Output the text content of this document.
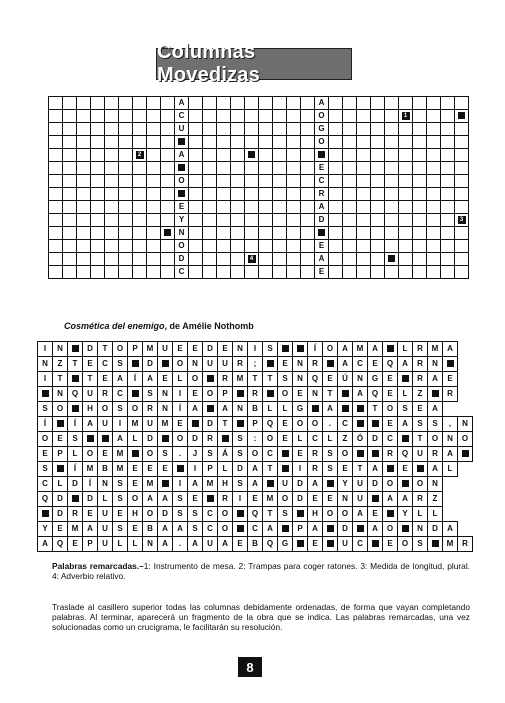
Columnas Movedizas
									A										A										
									C										O						1				
									U										G										
																			O										
						2			A																				
																			E										
									O										C										
																			R										
									E										A										
									Y										D										3
									N																				
									O										E										
									D					4					A										
									C										E										
Cosmética del enemigo, de Amélie Nothomb
I	N		D	T	O	P	M	U	E	E	D	E	N	I	S			Í	O	A	M	A		L	R	M	A	
N	Z	T	E	C	S		D		O	N	U	U	R	;		E	N	R		A	C	E	Q	A	R	N		
I	T		T	E	A	Í	A	E	L	O		R	M	T	T	S	N	Q	E	Ú	N	G	E		R	A	E	
	N	Q	U	R	C		S	N	I	E	O	P		R		O	E	N	T		A	Q	E	L	Z		R	
S	O		H	O	S	O	R	N	Í	A		A	N	B	L	L	G		A			T	O	S	E	A		
Í		Í	A	U	I	M	U	M	E		D	T		P	Q	E	O	O	.	C			E	A	S	S	,	N
O	E	S			A	L	D		O	D	R		S	:	O	E	L	C	L	Z	Ó	D	C		T	O	N	O
E	P	L	O	E	M		O	S	.	J	S	Á	S	O	C		E	R	S	O			R	Q	U	R	A	
S		Í	M	B	M	E	E	E		I	P	L	D	A	T		I	R	S	E	T	A		E		A	L	
C	L	D	Í	N	S	E	M		I	A	M	H	S	A		U	D	A		Y	U	D	O		O	N		
Q	D		D	L	S	O	A	A	S	E		R	I	E	M	O	D	E	E	N	U		A	A	R	Z		
	D	R	E	U	E	H	O	D	S	S	C	O		Q	T	S		H	O	O	A	E		Y	L	L		
Y	E	M	A	U	S	E	B	A	A	S	C	O		C	A		P	A		D		A	O		N	D	A	
A	Q	E	P	U	L	L	N	A	.	A	U	A	E	B	Q	G		E		U	C		E	O	S		M	R

Palabras remarcadas.–1: Instrumento de mesa. 2: Trampas para coger ratones. 3: Medida de longitud, plural. 4: Adverbio relativo.

Traslade al casillero superior todas las columnas debidamente ordenadas, de forma que vayan completando palabras. Al terminar, aparecerá un fragmento de la obra que se indica. Las palabras remarcadas, una vez solucionadas como un crucigrama, le facilitarán su resolución.

8
